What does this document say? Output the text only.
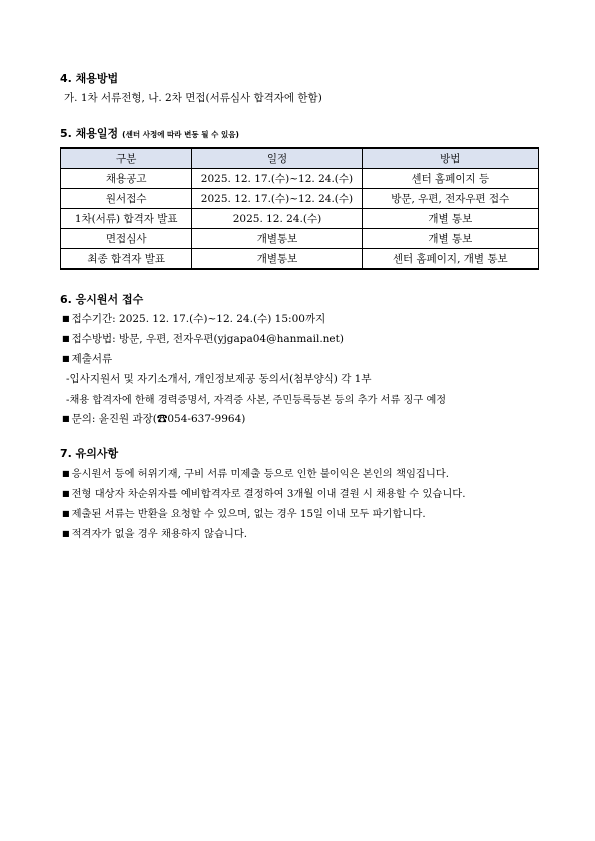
4. 채용방법

가. 1차 서류전형, 나. 2차 면접(서류심사 합격자에 한함)

5. 채용일정 (센터 사정에 따라 변동 될 수 있음)
구분	일정	방법
채용공고	2025. 12. 17.(수)~12. 24.(수)	센터 홈페이지 등
원서접수	2025. 12. 17.(수)~12. 24.(수)	방문, 우편, 전자우편 접수
1차(서류) 합격자 발표	2025. 12. 24.(수)	개별 통보
면접심사	개별통보	개별 통보
최종 합격자 발표	개별통보	센터 홈페이지, 개별 통보
6. 응시원서 접수

■ 접수기간: 2025. 12. 17.(수)~12. 24.(수) 15:00까지

■ 접수방법: 방문, 우편, 전자우편(yjgapa04@hanmail.net)

■ 제출서류

-입사지원서 및 자기소개서, 개인정보제공 동의서(첨부양식) 각 1부

-채용 합격자에 한해 경력증명서, 자격증 사본, 주민등록등본 등의 추가 서류 징구 예정

■ 문의: 윤진원 과장(☎054-637-9964)

7. 유의사항

■ 응시원서 등에 허위기재, 구비 서류 미제출 등으로 인한 불이익은 본인의 책임집니다.

■ 전형 대상자 차순위자를 예비합격자로 결정하여 3개월 이내 결원 시 채용할 수 있습니다.

■ 제출된 서류는 반환을 요청할 수 있으며, 없는 경우 15일 이내 모두 파기합니다.

■ 적격자가 없을 경우 채용하지 않습니다.
